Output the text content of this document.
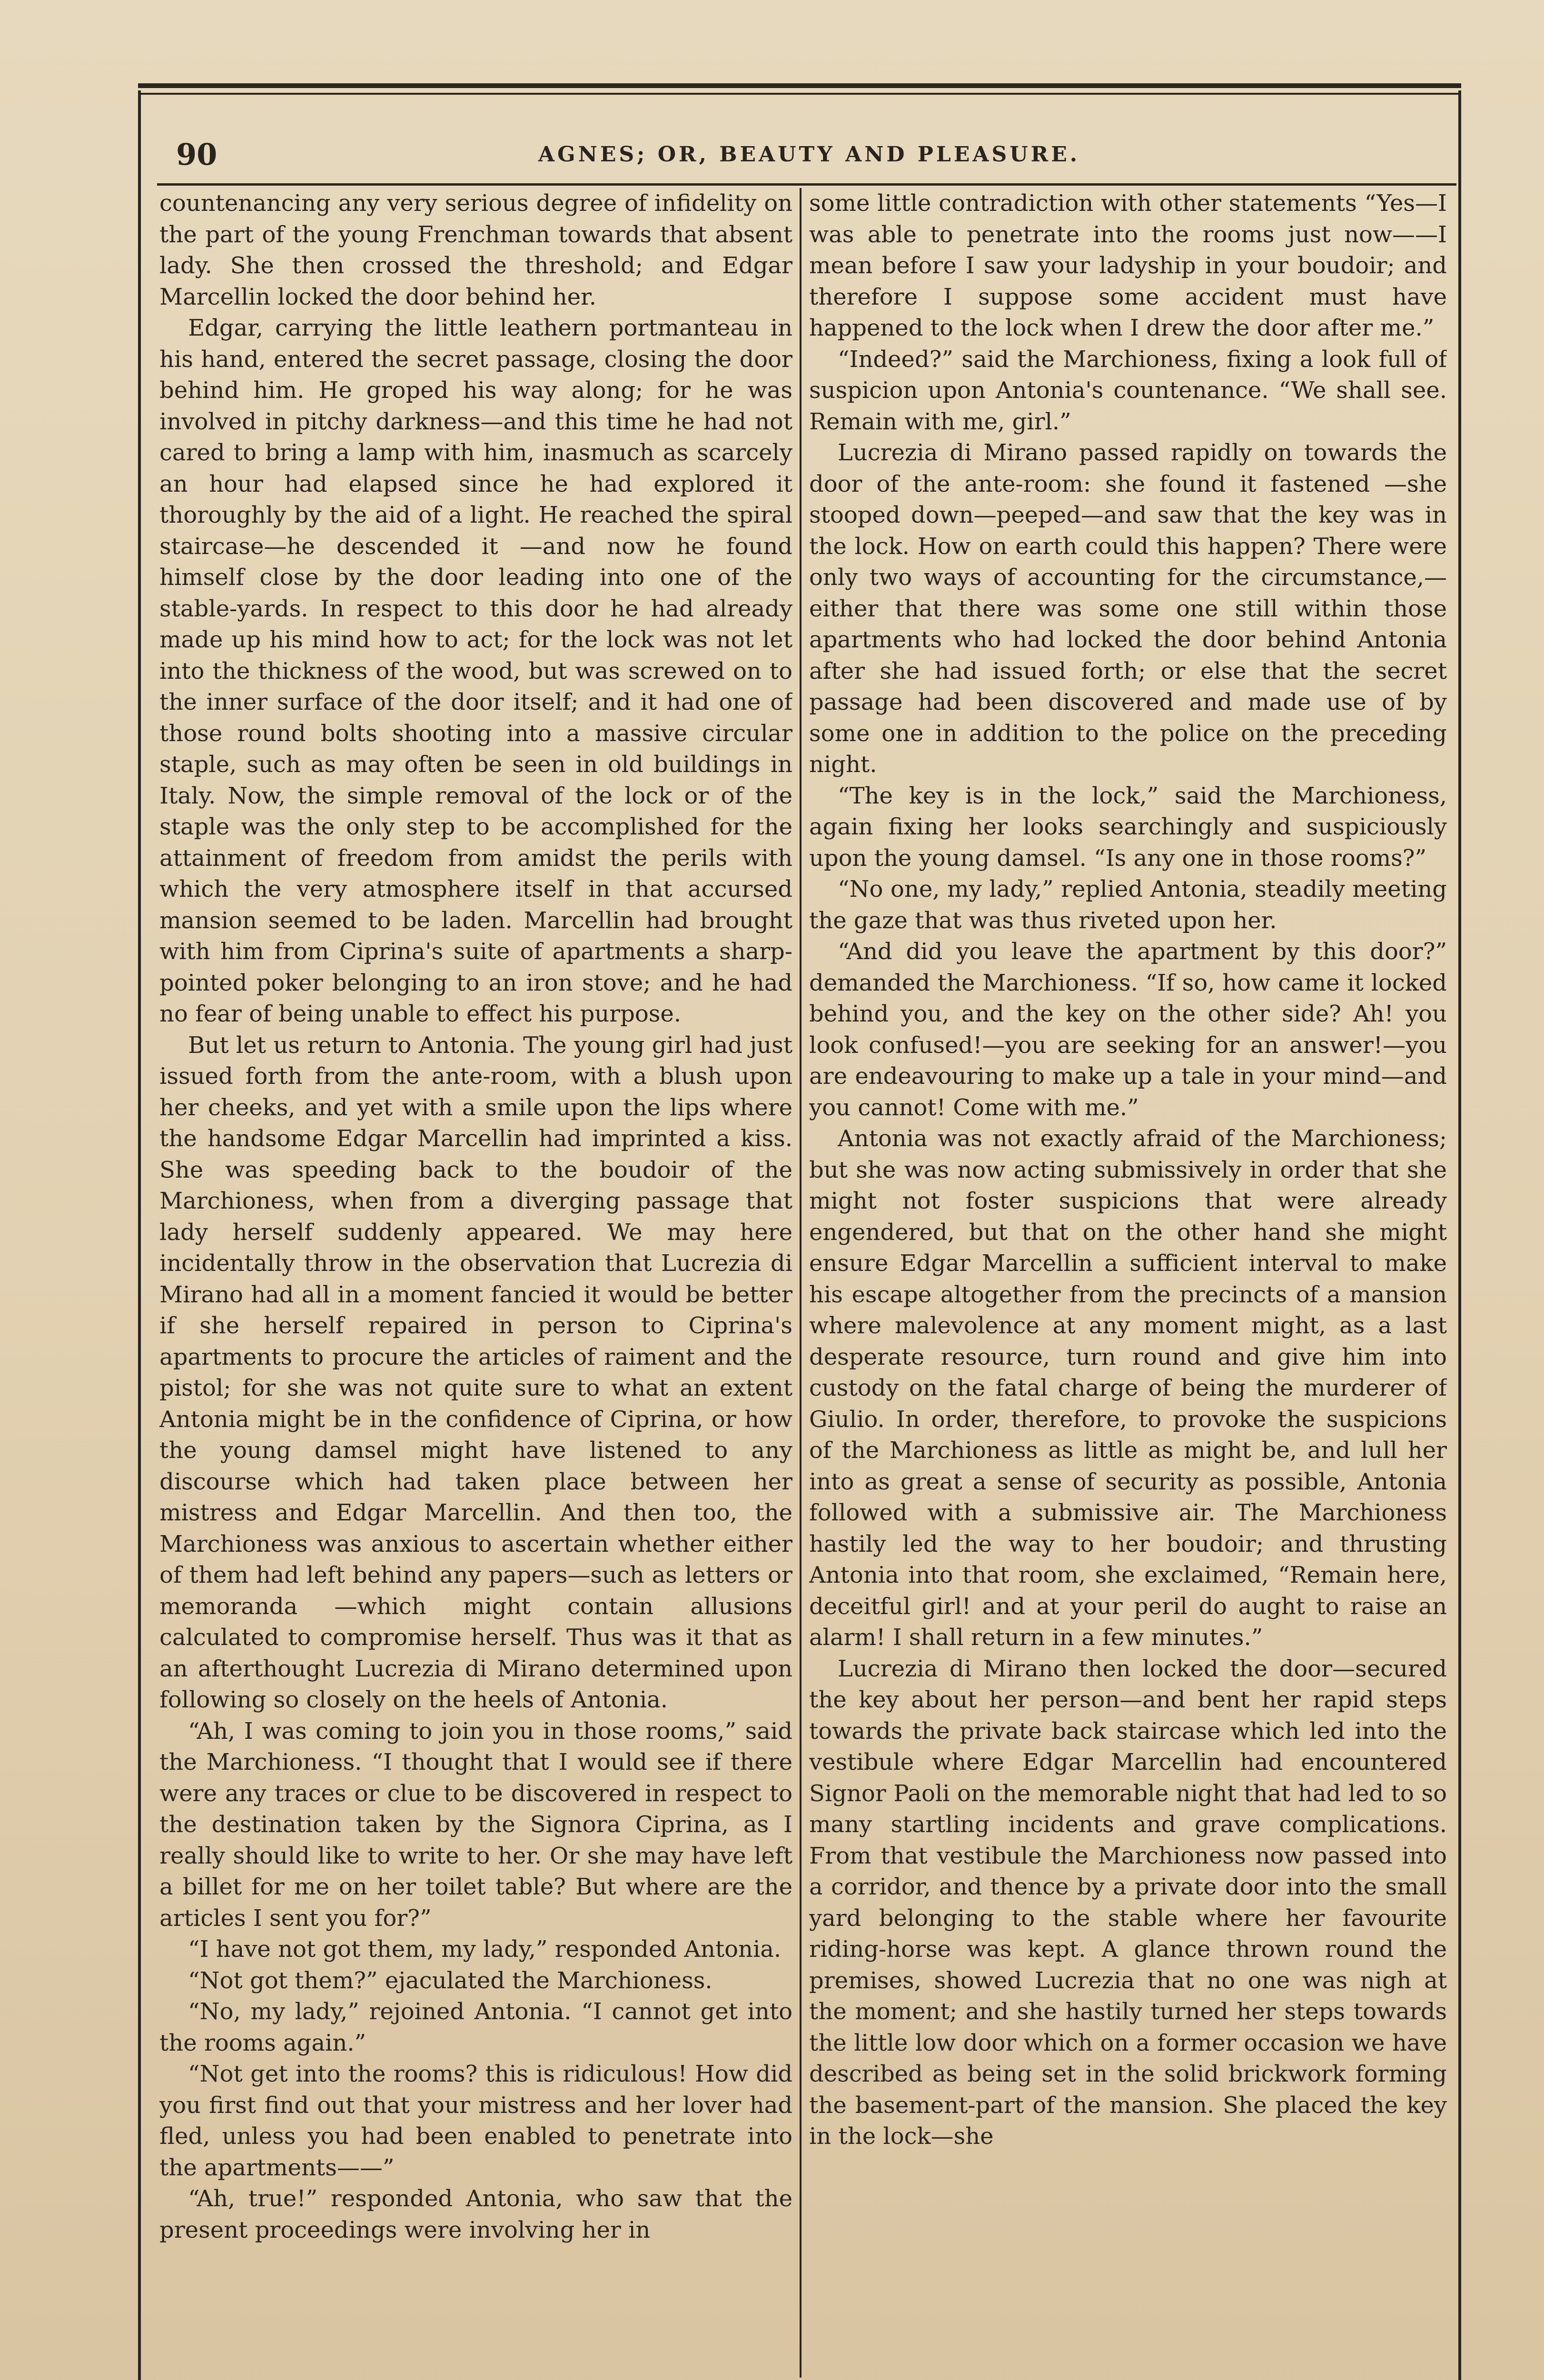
90	AGNES; OR, BEAUTY AND PLEASURE.

countenancing any very serious degree of infidelity on the part of the young Frenchman towards that absent lady. She then crossed the threshold; and Edgar Marcellin locked the door behind her.

Edgar, carrying the little leathern portmanteau in his hand, entered the secret passage, closing the door behind him. He groped his way along; for he was involved in pitchy darkness—and this time he had not cared to bring a lamp with him, inasmuch as scarcely an hour had elapsed since he had explored it thoroughly by the aid of a light. He reached the spiral staircase—he descended it —and now he found himself close by the door leading into one of the stable-yards. In respect to this door he had already made up his mind how to act; for the lock was not let into the thickness of the wood, but was screwed on to the inner surface of the door itself; and it had one of those round bolts shooting into a massive circular staple, such as may often be seen in old buildings in Italy. Now, the simple removal of the lock or of the staple was the only step to be accomplished for the attainment of freedom from amidst the perils with which the very atmosphere itself in that accursed mansion seemed to be laden. Marcellin had brought with him from Ciprina's suite of apartments a sharp-pointed poker belonging to an iron stove; and he had no fear of being unable to effect his purpose.

But let us return to Antonia. The young girl had just issued forth from the ante-room, with a blush upon her cheeks, and yet with a smile upon the lips where the handsome Edgar Marcellin had imprinted a kiss. She was speeding back to the boudoir of the Marchioness, when from a diverging passage that lady herself suddenly appeared. We may here incidentally throw in the observation that Lucrezia di Mirano had all in a moment fancied it would be better if she herself repaired in person to Ciprina's apartments to procure the articles of raiment and the pistol; for she was not quite sure to what an extent Antonia might be in the confidence of Ciprina, or how the young damsel might have listened to any discourse which had taken place between her mistress and Edgar Marcellin. And then too, the Marchioness was anxious to ascertain whether either of them had left behind any papers—such as letters or memoranda —which might contain allusions calculated to compromise herself. Thus was it that as an afterthought Lucrezia di Mirano determined upon following so closely on the heels of Antonia.

“Ah, I was coming to join you in those rooms,” said the Marchioness. “I thought that I would see if there were any traces or clue to be discovered in respect to the destination taken by the Signora Ciprina, as I really should like to write to her. Or she may have left a billet for me on her toilet table? But where are the articles I sent you for?”

“I have not got them, my lady,” responded Antonia.

“Not got them?” ejaculated the Marchioness.

“No, my lady,” rejoined Antonia. “I cannot get into the rooms again.”

“Not get into the rooms? this is ridiculous! How did you first find out that your mistress and her lover had fled, unless you had been enabled to penetrate into the apartments——”

“Ah, true!” responded Antonia, who saw that the present proceedings were involving her in

some little contradiction with other statements “Yes—I was able to penetrate into the rooms just now——I mean before I saw your ladyship in your boudoir; and therefore I suppose some accident must have happened to the lock when I drew the door after me.”

“Indeed?” said the Marchioness, fixing a look full of suspicion upon Antonia's countenance. “We shall see. Remain with me, girl.”

Lucrezia di Mirano passed rapidly on towards the door of the ante-room: she found it fastened —she stooped down—peeped—and saw that the key was in the lock. How on earth could this happen? There were only two ways of accounting for the circumstance,—either that there was some one still within those apartments who had locked the door behind Antonia after she had issued forth; or else that the secret passage had been discovered and made use of by some one in addition to the police on the preceding night.

“The key is in the lock,” said the Marchioness, again fixing her looks searchingly and suspiciously upon the young damsel. “Is any one in those rooms?”

“No one, my lady,” replied Antonia, steadily meeting the gaze that was thus riveted upon her.

“And did you leave the apartment by this door?” demanded the Marchioness. “If so, how came it locked behind you, and the key on the other side? Ah! you look confused!—you are seeking for an answer!—you are endeavouring to make up a tale in your mind—and you cannot! Come with me.”

Antonia was not exactly afraid of the Marchioness; but she was now acting submissively in order that she might not foster suspicions that were already engendered, but that on the other hand she might ensure Edgar Marcellin a sufficient interval to make his escape altogether from the precincts of a mansion where malevolence at any moment might, as a last desperate resource, turn round and give him into custody on the fatal charge of being the murderer of Giulio. In order, therefore, to provoke the suspicions of the Marchioness as little as might be, and lull her into as great a sense of security as possible, Antonia followed with a submissive air. The Marchioness hastily led the way to her boudoir; and thrusting Antonia into that room, she exclaimed, “Remain here, deceitful girl! and at your peril do aught to raise an alarm! I shall return in a few minutes.”

Lucrezia di Mirano then locked the door—secured the key about her person—and bent her rapid steps towards the private back staircase which led into the vestibule where Edgar Marcellin had encountered Signor Paoli on the memorable night that had led to so many startling incidents and grave complications. From that vestibule the Marchioness now passed into a corridor, and thence by a private door into the small yard belonging to the stable where her favourite riding-horse was kept. A glance thrown round the premises, showed Lucrezia that no one was nigh at the moment; and she hastily turned her steps towards the little low door which on a former occasion we have described as being set in the solid brickwork forming the basement-part of the mansion. She placed the key in the lock—she
